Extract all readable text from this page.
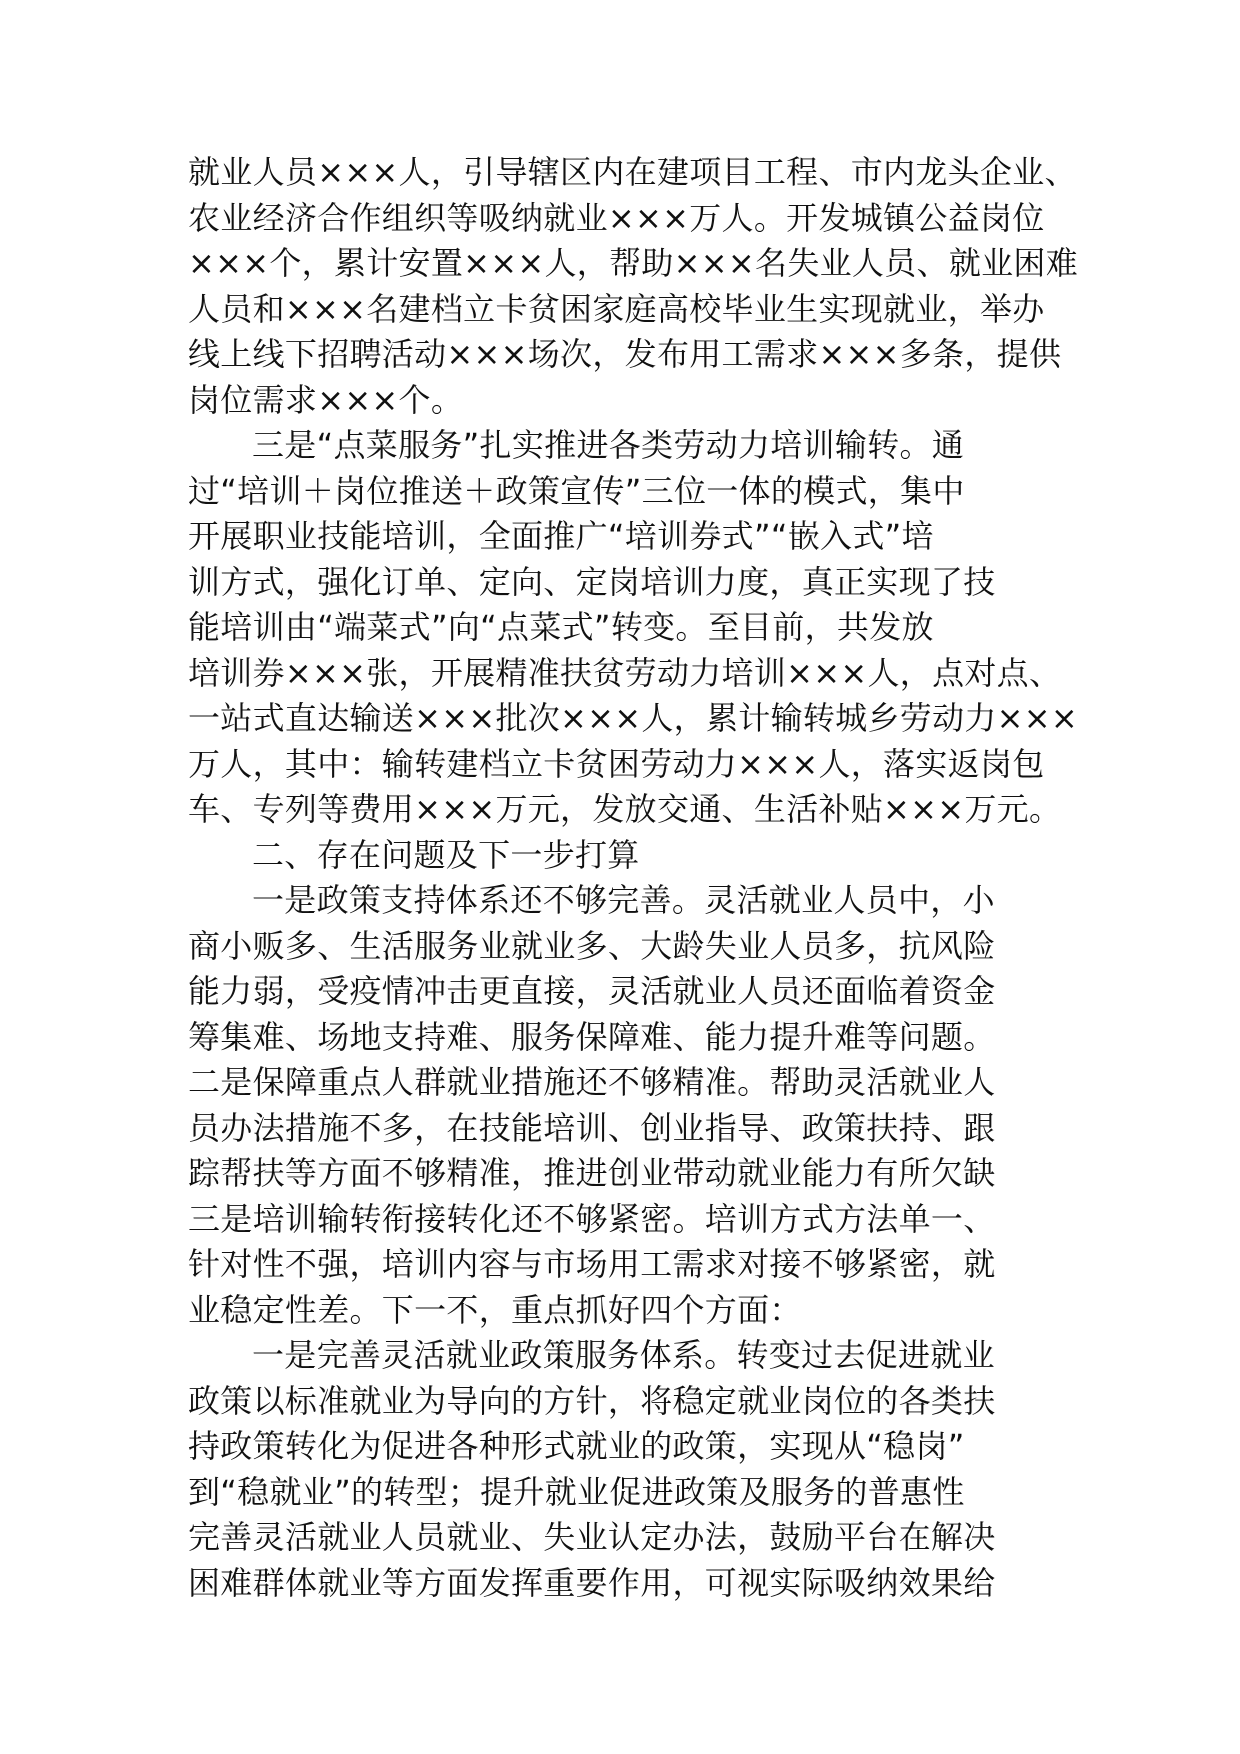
就业人员×××人，引导辖区内在建项目工程、市内龙头企业、
农业经济合作组织等吸纳就业×××万人。开发城镇公益岗位
×××个，累计安置×××人，帮助×××名失业人员、就业困难
人员和×××名建档立卡贫困家庭高校毕业生实现就业，举办
线上线下招聘活动×××场次，发布用工需求×××多条，提供
岗位需求×××个。
三是“点菜服务”扎实推进各类劳动力培训输转。通
过“培训＋岗位推送＋政策宣传”三位一体的模式，集中
开展职业技能培训，全面推广“培训券式”“嵌入式”培
训方式，强化订单、定向、定岗培训力度，真正实现了技
能培训由“端菜式”向“点菜式”转变。至目前，共发放
培训券×××张，开展精准扶贫劳动力培训×××人，点对点、
一站式直达输送×××批次×××人，累计输转城乡劳动力×××
万人，其中：输转建档立卡贫困劳动力×××人，落实返岗包
车、专列等费用×××万元，发放交通、生活补贴×××万元。
二、存在问题及下一步打算
一是政策支持体系还不够完善。灵活就业人员中，小
商小贩多、生活服务业就业多、大龄失业人员多，抗风险
能力弱，受疫情冲击更直接，灵活就业人员还面临着资金
筹集难、场地支持难、服务保障难、能力提升难等问题。
二是保障重点人群就业措施还不够精准。帮助灵活就业人
员办法措施不多，在技能培训、创业指导、政策扶持、跟
踪帮扶等方面不够精准，推进创业带动就业能力有所欠缺
三是培训输转衔接转化还不够紧密。培训方式方法单一、
针对性不强，培训内容与市场用工需求对接不够紧密，就
业稳定性差。下一不，重点抓好四个方面：
一是完善灵活就业政策服务体系。转变过去促进就业
政策以标准就业为导向的方针，将稳定就业岗位的各类扶
持政策转化为促进各种形式就业的政策，实现从“稳岗”
到“稳就业”的转型；提升就业促进政策及服务的普惠性
完善灵活就业人员就业、失业认定办法，鼓励平台在解决
困难群体就业等方面发挥重要作用，可视实际吸纳效果给
